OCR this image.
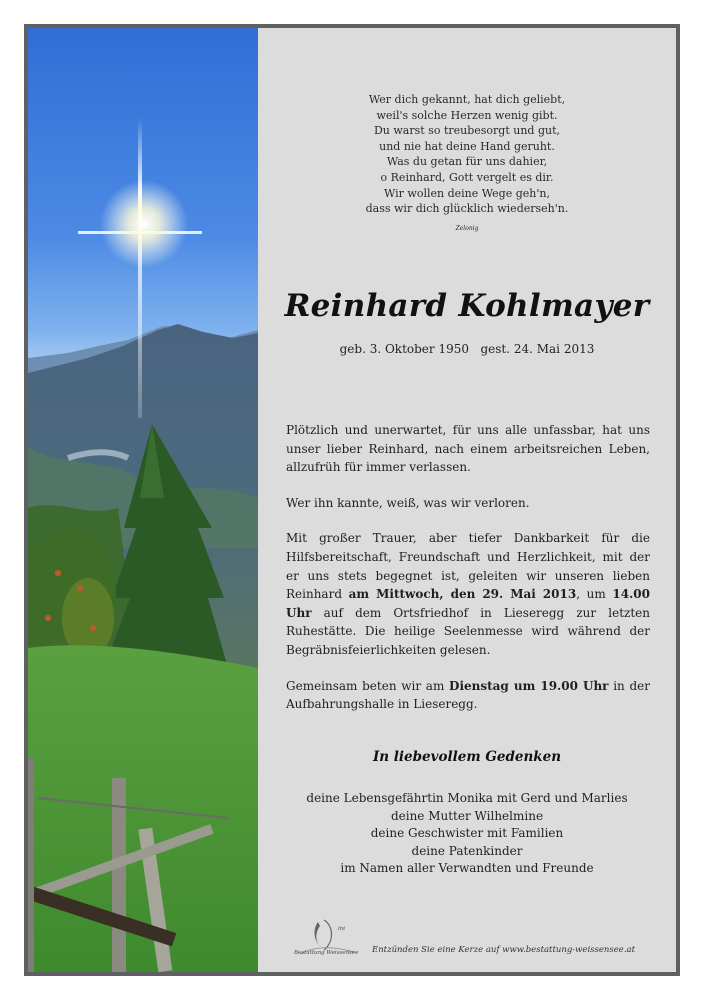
Wer dich gekannt, hat dich geliebt,
weil's solche Herzen wenig gibt.
Du warst so treubesorgt und gut,
und nie hat deine Hand geruht.
Was du getan für uns dahier,
o Reinhard, Gott vergelt es dir.
Wir wollen deine Wege geh'n,
dass wir dich glücklich wiederseh'n.
Zelonig
Reinhard Kohlmayer
geb. 3. Oktober 1950   gest. 24. Mai 2013

Plötzlich und unerwartet, für uns alle unfassbar, hat uns unser lieber Reinhard, nach einem arbeitsreichen Leben, allzufrüh für immer verlassen.

Wer ihn kannte, weiß, was wir verloren.

Mit großer Trauer, aber tiefer Dankbarkeit für die Hilfsbereitschaft, Freundschaft und Herzlichkeit, mit der er uns stets begegnet ist, geleiten wir unseren lieben Reinhard am Mittwoch, den 29. Mai 2013, um 14.00 Uhr auf dem Ortsfriedhof in Lieseregg zur letzten Ruhestätte. Die heilige Seelenmesse wird während der Begräbnisfeierlichkeiten gelesen.

Gemeinsam beten wir am Dienstag um 19.00 Uhr in der Aufbahrungshalle in Lieseregg.

In liebevollem Gedenken
deine Lebensgefährtin Monika mit Gerd und Marlies
deine Mutter Wilhelmine
deine Geschwister mit Familien
deine Patenkinder
im Namen aller Verwandten und Freunde
ini
Bestattung Weissensee Entzünden Sie eine Kerze auf www.bestattung-weissensee.at
